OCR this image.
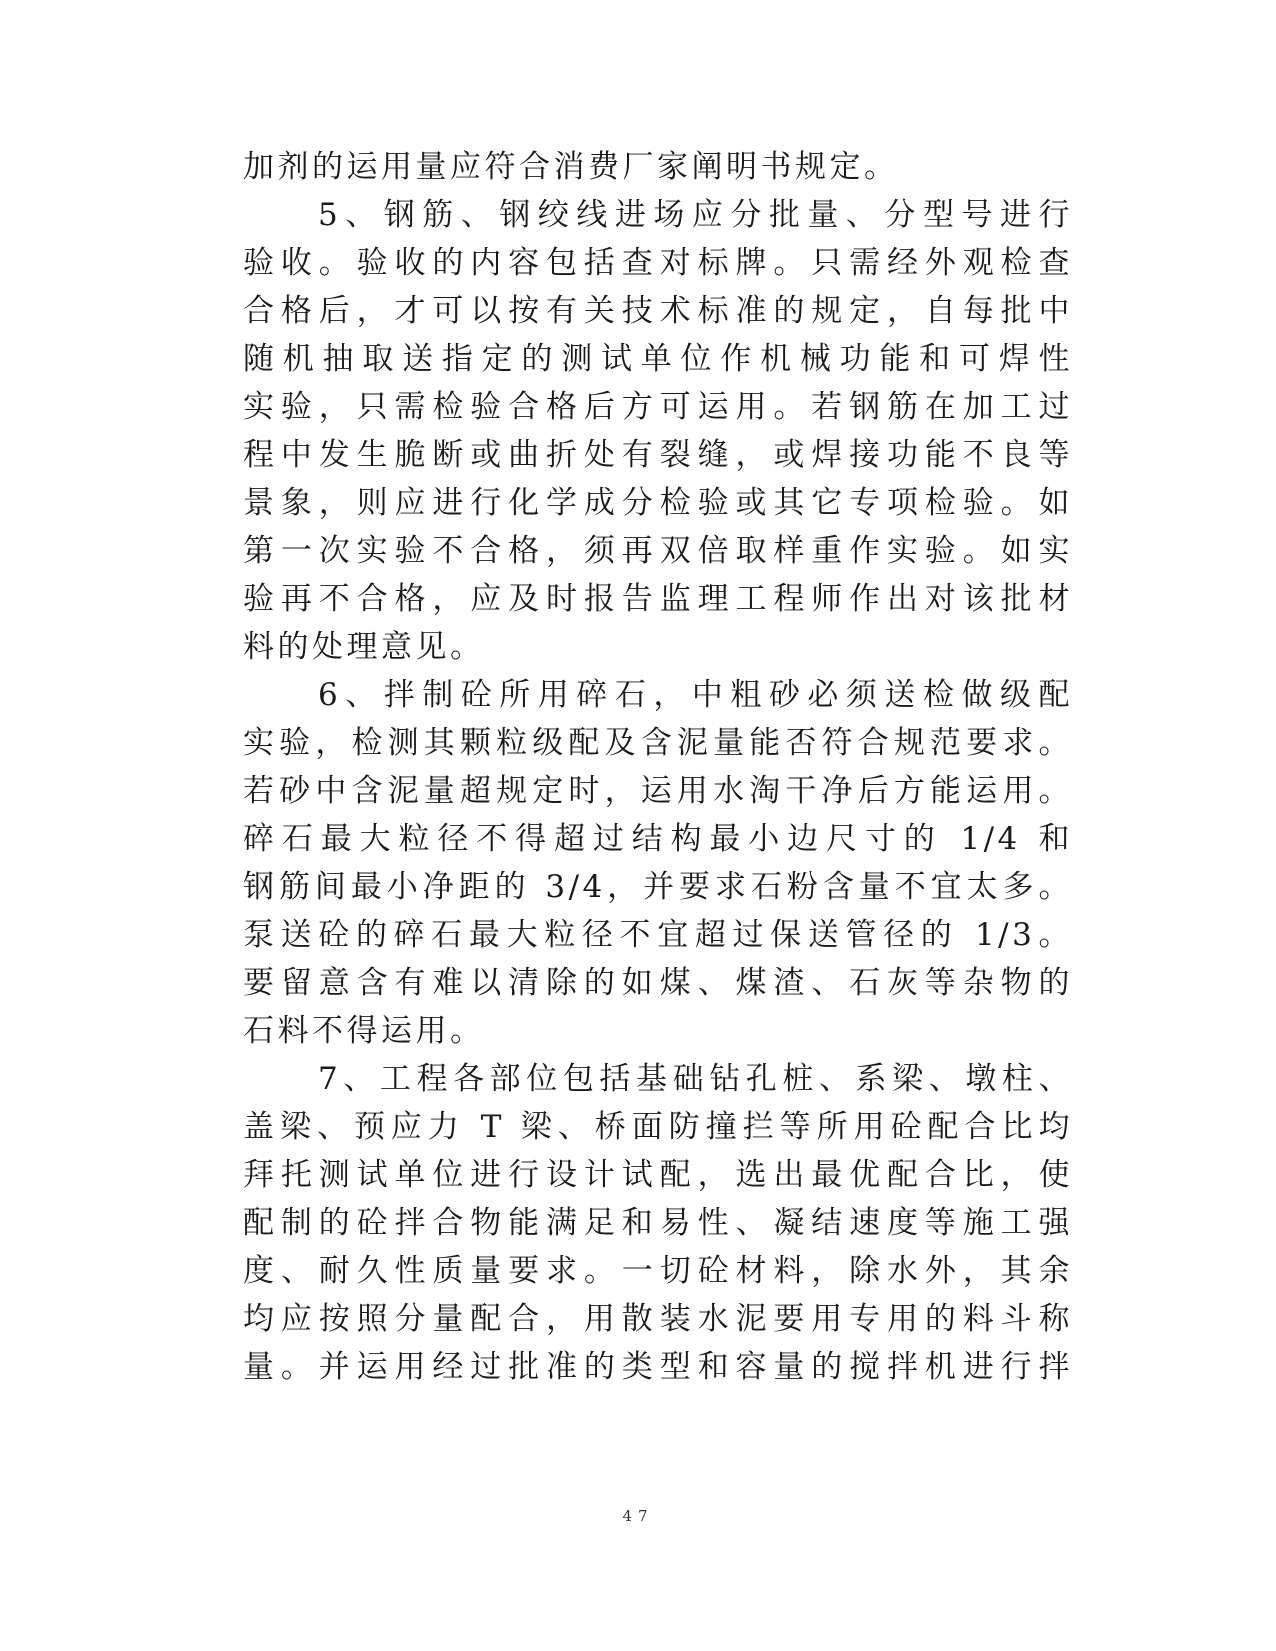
加剂的运用量应符合消费厂家阐明书规定。
5、钢筋、钢绞线进场应分批量、分型号进行
验收。验收的内容包括查对标牌。只需经外观检查
合格后，才可以按有关技术标准的规定，自每批中
随机抽取送指定的测试单位作机械功能和可焊性
实验，只需检验合格后方可运用。若钢筋在加工过
程中发生脆断或曲折处有裂缝，或焊接功能不良等
景象，则应进行化学成分检验或其它专项检验。如
第一次实验不合格，须再双倍取样重作实验。如实
验再不合格，应及时报告监理工程师作出对该批材
料的处理意见。
6、拌制砼所用碎石，中粗砂必须送检做级配
实验，检测其颗粒级配及含泥量能否符合规范要求。
若砂中含泥量超规定时，运用水淘干净后方能运用。
碎石最大粒径不得超过结构最小边尺寸的 1/4 和
钢筋间最小净距的 3/4，并要求石粉含量不宜太多。
泵送砼的碎石最大粒径不宜超过保送管径的 1/3。
要留意含有难以清除的如煤、煤渣、石灰等杂物的
石料不得运用。
7、工程各部位包括基础钻孔桩、系梁、墩柱、
盖梁、预应力 T 梁、桥面防撞拦等所用砼配合比均
拜托测试单位进行设计试配，选出最优配合比，使
配制的砼拌合物能满足和易性、凝结速度等施工强
度、耐久性质量要求。一切砼材料，除水外，其余
均应按照分量配合，用散装水泥要用专用的料斗称
量。并运用经过批准的类型和容量的搅拌机进行拌
47
